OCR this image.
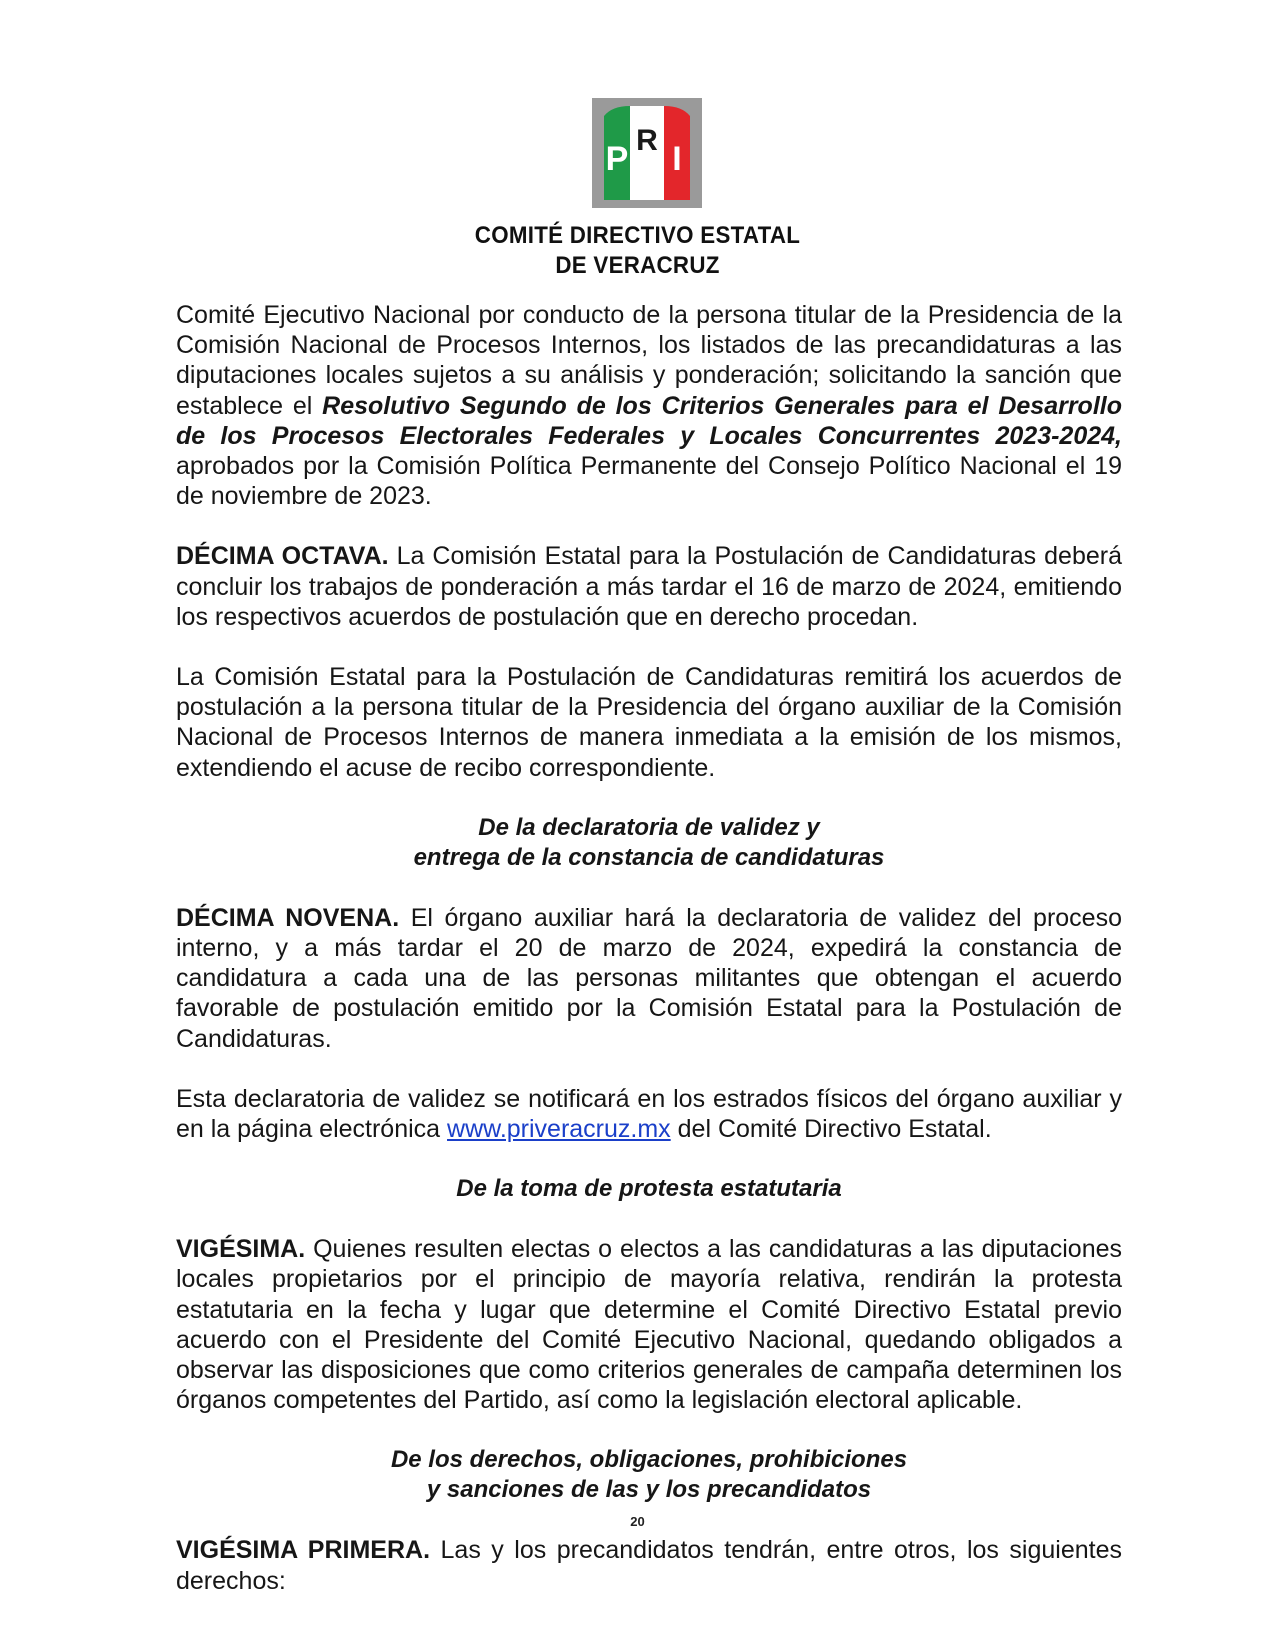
P R I
COMITÉ DIRECTIVO ESTATAL
DE VERACRUZ

Comité Ejecutivo Nacional por conducto de la persona titular de la Presidencia de la Comisión Nacional de Procesos Internos, los listados de las precandidaturas a las diputaciones locales sujetos a su análisis y ponderación; solicitando la sanción que establece el Resolutivo Segundo de los Criterios Generales para el Desarrollo de los Procesos Electorales Federales y Locales Concurrentes 2023-2024, aprobados por la Comisión Política Permanente del Consejo Político Nacional el 19 de noviembre de 2023.

DÉCIMA OCTAVA. La Comisión Estatal para la Postulación de Candidaturas deberá concluir los trabajos de ponderación a más tardar el 16 de marzo de 2024, emitiendo los respectivos acuerdos de postulación que en derecho procedan.

La Comisión Estatal para la Postulación de Candidaturas remitirá los acuerdos de postulación a la persona titular de la Presidencia del órgano auxiliar de la Comisión Nacional de Procesos Internos de manera inmediata a la emisión de los mismos, extendiendo el acuse de recibo correspondiente.

De la declaratoria de validez y
entrega de la constancia de candidaturas

DÉCIMA NOVENA. El órgano auxiliar hará la declaratoria de validez del proceso interno, y a más tardar el 20 de marzo de 2024, expedirá la constancia de candidatura a cada una de las personas militantes que obtengan el acuerdo favorable de postulación emitido por la Comisión Estatal para la Postulación de Candidaturas.

Esta declaratoria de validez se notificará en los estrados físicos del órgano auxiliar y en la página electrónica www.priveracruz.mx del Comité Directivo Estatal.

De la toma de protesta estatutaria

VIGÉSIMA. Quienes resulten electas o electos a las candidaturas a las diputaciones locales propietarios por el principio de mayoría relativa, rendirán la protesta estatutaria en la fecha y lugar que determine el Comité Directivo Estatal previo acuerdo con el Presidente del Comité Ejecutivo Nacional, quedando obligados a observar las disposiciones que como criterios generales de campaña determinen los órganos competentes del Partido, así como la legislación electoral aplicable.

De los derechos, obligaciones, prohibiciones
y sanciones de las y los precandidatos

VIGÉSIMA PRIMERA. Las y los precandidatos tendrán, entre otros, los siguientes derechos:

20
